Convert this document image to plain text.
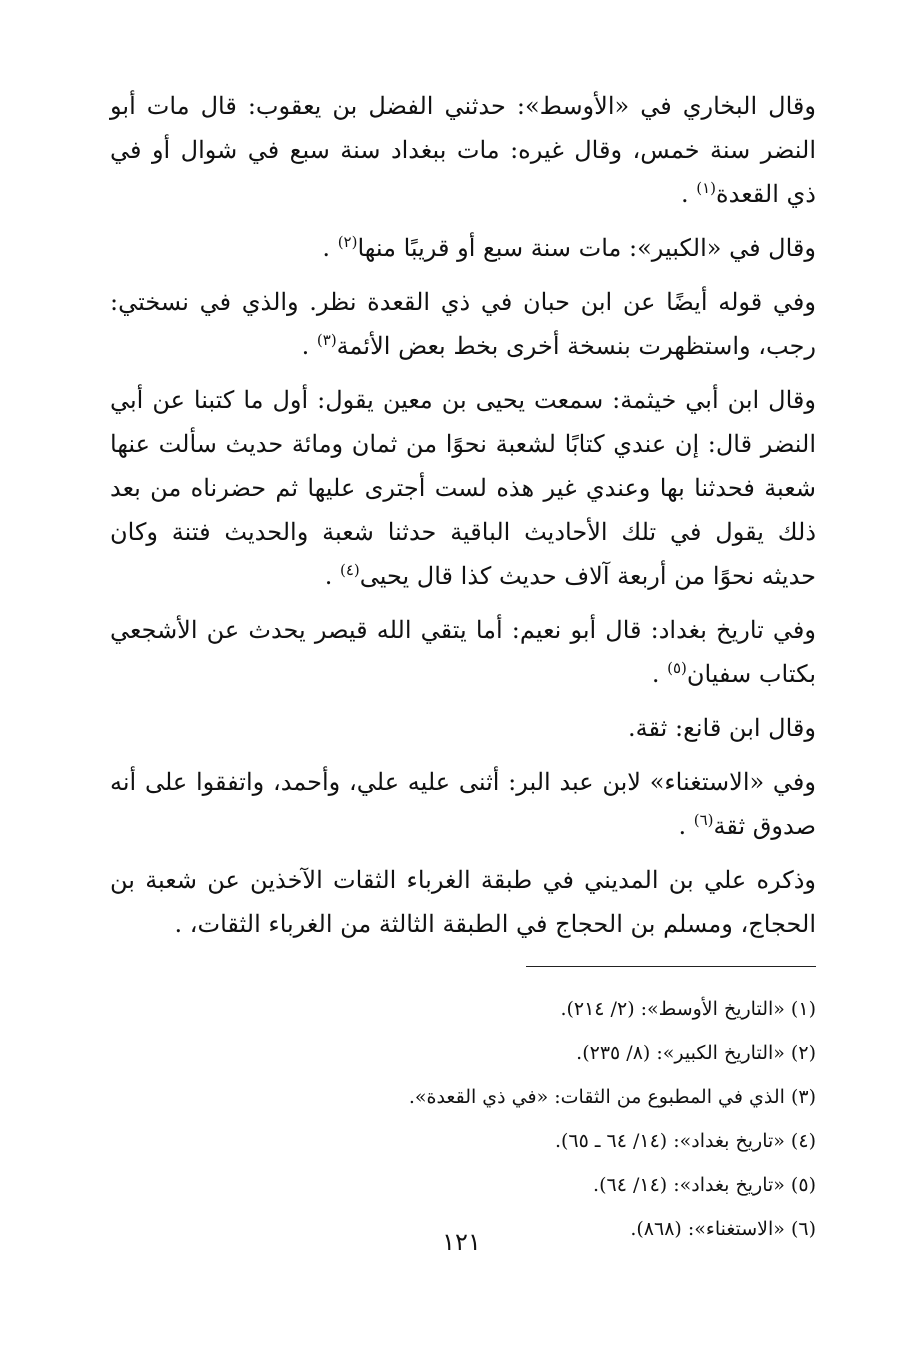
وقال البخاري في «الأوسط»: حدثني الفضل بن يعقوب: قال مات أبو النضر سنة خمس، وقال غيره: مات ببغداد سنة سبع في شوال أو في ذي القعدة$^{(١)}$ .

وقال في «الكبير»: مات سنة سبع أو قريبًا منها$^{(٢)}$ .

وفي قوله أيضًا عن ابن حبان في ذي القعدة نظر. والذي في نسختي: رجب، واستظهرت بنسخة أخرى بخط بعض الأئمة$^{(٣)}$ .

وقال ابن أبي خيثمة: سمعت يحيى بن معين يقول: أول ما كتبنا عن أبي النضر قال: إن عندي كتابًا لشعبة نحوًا من ثمان ومائة حديث سألت عنها شعبة فحدثنا بها وعندي غير هذه لست أجترى عليها ثم حضرناه من بعد ذلك يقول في تلك الأحاديث الباقية حدثنا شعبة والحديث فتنة وكان حديثه نحوًا من أربعة آلاف حديث كذا قال يحيى$^{(٤)}$ .

وفي تاريخ بغداد: قال أبو نعيم: أما يتقي الله قيصر يحدث عن الأشجعي بكتاب سفيان$^{(٥)}$ .

وقال ابن قانع: ثقة.

وفي «الاستغناء» لابن عبد البر: أثنى عليه علي، وأحمد، واتفقوا على أنه صدوق ثقة$^{(٦)}$ .

وذكره علي بن المديني في طبقة الغرباء الثقات الآخذين عن شعبة بن الحجاج، ومسلم بن الحجاج في الطبقة الثالثة من الغرباء الثقات، .

(١) «التاريخ الأوسط»: (٢/ ٢١٤).

(٢) «التاريخ الكبير»: (٨/ ٢٣٥).

(٣) الذي في المطبوع من الثقات: «في ذي القعدة».

(٤) «تاريخ بغداد»: (١٤/ ٦٤ ـ ٦٥).

(٥) «تاريخ بغداد»: (١٤/ ٦٤).

(٦) «الاستغناء»: (٨٦٨).

١٢١
